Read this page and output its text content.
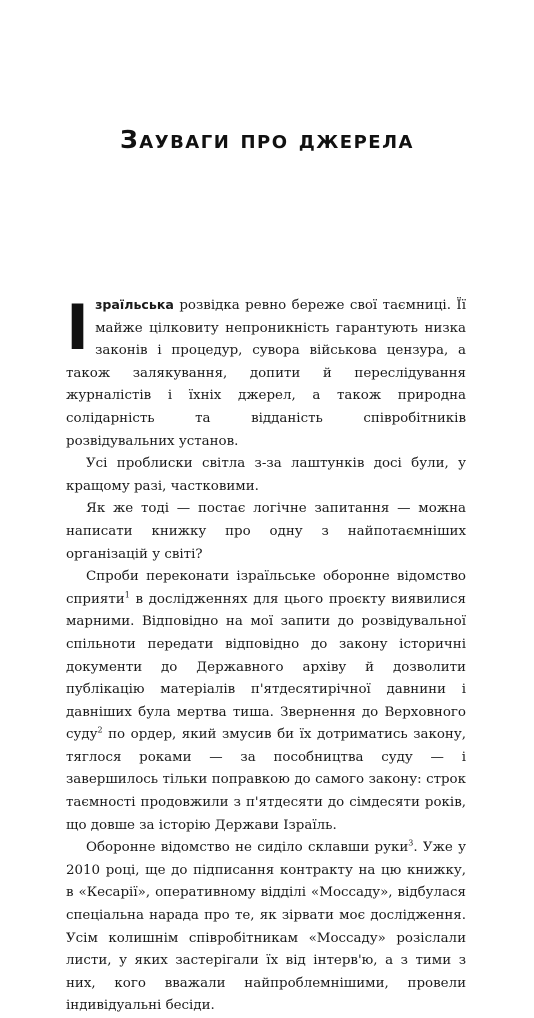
Зауваги про джерела

Ізраїльська розвідка ревно береже свої таємниці. Її майже цілковиту непроникність гарантують низка законів і процедур, сувора військова цензура, а також залякування, допити й переслідування журналістів і їхніх джерел, а також природна солідарність та відданість співробітників розвідувальних установ.

Усі проблиски світла з-за лаштунків досі були, у кращому разі, частковими.

Як же тоді — постає логічне запитання — можна написати книжку про одну з найпотаємніших організацій у світі?

Спроби переконати ізраїльське оборонне відомство сприяти$^1$ в дослідженнях для цього проєкту виявилися марними. Відповідно на мої запити до розвідувальної спільноти передати відповідно до закону історичні документи до Державного архіву й дозволити публікацію матеріалів п'ятдесятирічної давнини і давніших була мертва тиша. Звернення до Верховного суду$^2$ по ордер, який змусив би їх дотриматись закону, тяглося роками — за пособництва суду — і завершилось тільки поправкою до самого закону: строк таємності продовжили з п'ятдесяти до сімдесяти років, що довше за історію Держави Ізраїль.

Оборонне відомство не сиділо склавши руки$^3$. Уже у 2010 році, ще до підписання контракту на цю книжку, в «Кесарії», оперативному відділі «Моссаду», відбулася спеціальна нарада про те, як зірвати моє дослідження. Усім колишнім співробітникам «Моссаду» розіслали листи, у яких застерігали їх від інтерв'ю, а з тими з них, кого вважали найпроблемнішими, провели індивідуальні бесіди.
